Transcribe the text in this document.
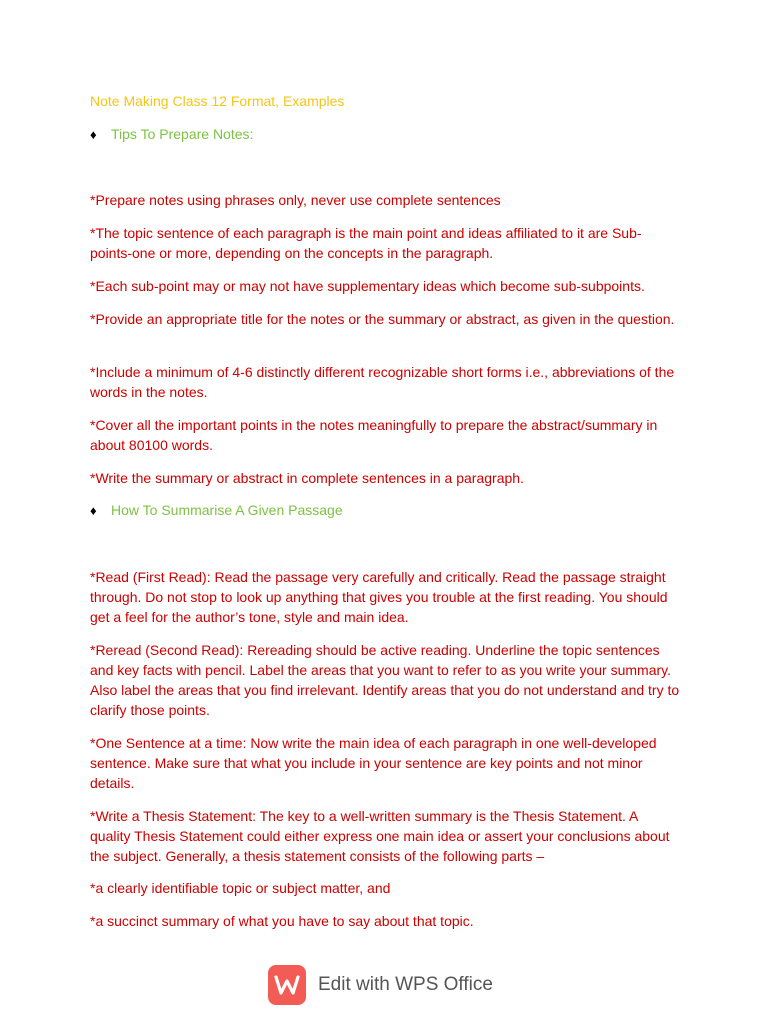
Note Making Class 12 Format, Examples
♦	Tips To Prepare Notes:

*Prepare notes using phrases only, never use complete sentences

*The topic sentence of each paragraph is the main point and ideas affiliated to it are Sub-points-one or more, depending on the concepts in the paragraph.

*Each sub-point may or may not have supplementary ideas which become sub-subpoints.

*Provide an appropriate title for the notes or the summary or abstract, as given in the question.

*Include a minimum of 4-6 distinctly different recognizable short forms i.e., abbreviations of the words in the notes.

*Cover all the important points in the notes meaningfully to prepare the abstract/summary in about 80100 words.

*Write the summary or abstract in complete sentences in a paragraph.

♦	How To Summarise A Given Passage

*Read (First Read): Read the passage very carefully and critically. Read the passage straight through. Do not stop to look up anything that gives you trouble at the first reading. You should get a feel for the author’s tone, style and main idea.

*Reread (Second Read): Rereading should be active reading. Underline the topic sentences and key facts with pencil. Label the areas that you want to refer to as you write your summary. Also label the areas that you find irrelevant. Identify areas that you do not understand and try to clarify those points.

*One Sentence at a time: Now write the main idea of each paragraph in one well-developed sentence. Make sure that what you include in your sentence are key points and not minor details.

*Write a Thesis Statement: The key to a well-written summary is the Thesis Statement. A quality Thesis Statement could either express one main idea or assert your conclusions about the subject. Generally, a thesis statement consists of the following parts –

*a clearly identifiable topic or subject matter, and

*a succinct summary of what you have to say about that topic.

Edit with WPS Office
